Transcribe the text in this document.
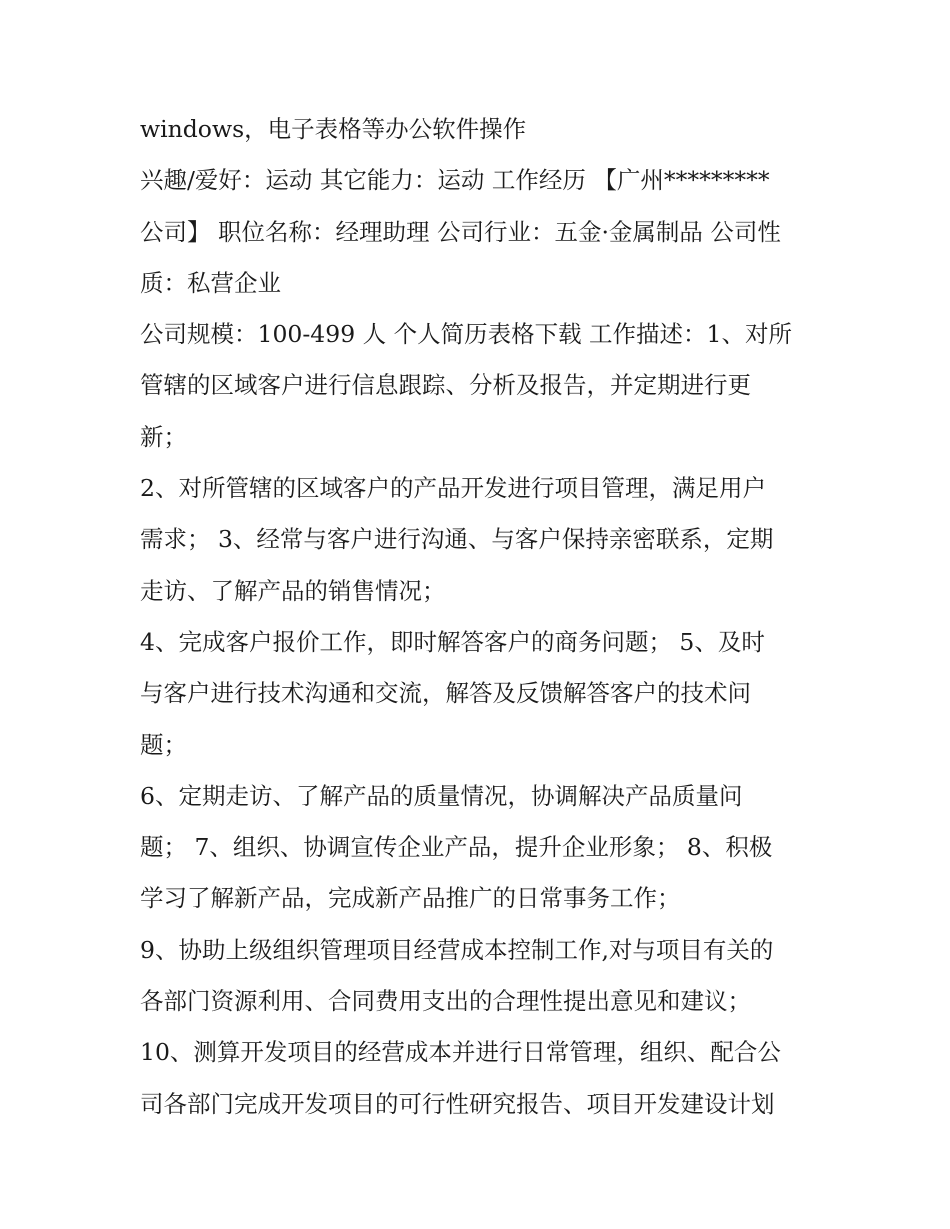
windows，电子表格等办公软件操作
兴趣/爱好：运动 其它能力：运动 工作经历 【广州*********
公司】 职位名称：经理助理 公司行业：五金·金属制品 公司性
质：私营企业
公司规模：100-499 人 个人简历表格下载 工作描述：1、对所
管辖的区域客户进行信息跟踪、分析及报告，并定期进行更
新；
2、对所管辖的区域客户的产品开发进行项目管理，满足用户
需求； 3、经常与客户进行沟通、与客户保持亲密联系，定期
走访、了解产品的销售情况；
4、完成客户报价工作，即时解答客户的商务问题； 5、及时
与客户进行技术沟通和交流，解答及反馈解答客户的技术问
题；
6、定期走访、了解产品的质量情况，协调解决产品质量问
题； 7、组织、协调宣传企业产品，提升企业形象； 8、积极
学习了解新产品，完成新产品推广的日常事务工作；
9、协助上级组织管理项目经营成本控制工作,对与项目有关的
各部门资源利用、合同费用支出的合理性提出意见和建议；
10、测算开发项目的经营成本并进行日常管理，组织、配合公
司各部门完成开发项目的可行性研究报告、项目开发建设计划
